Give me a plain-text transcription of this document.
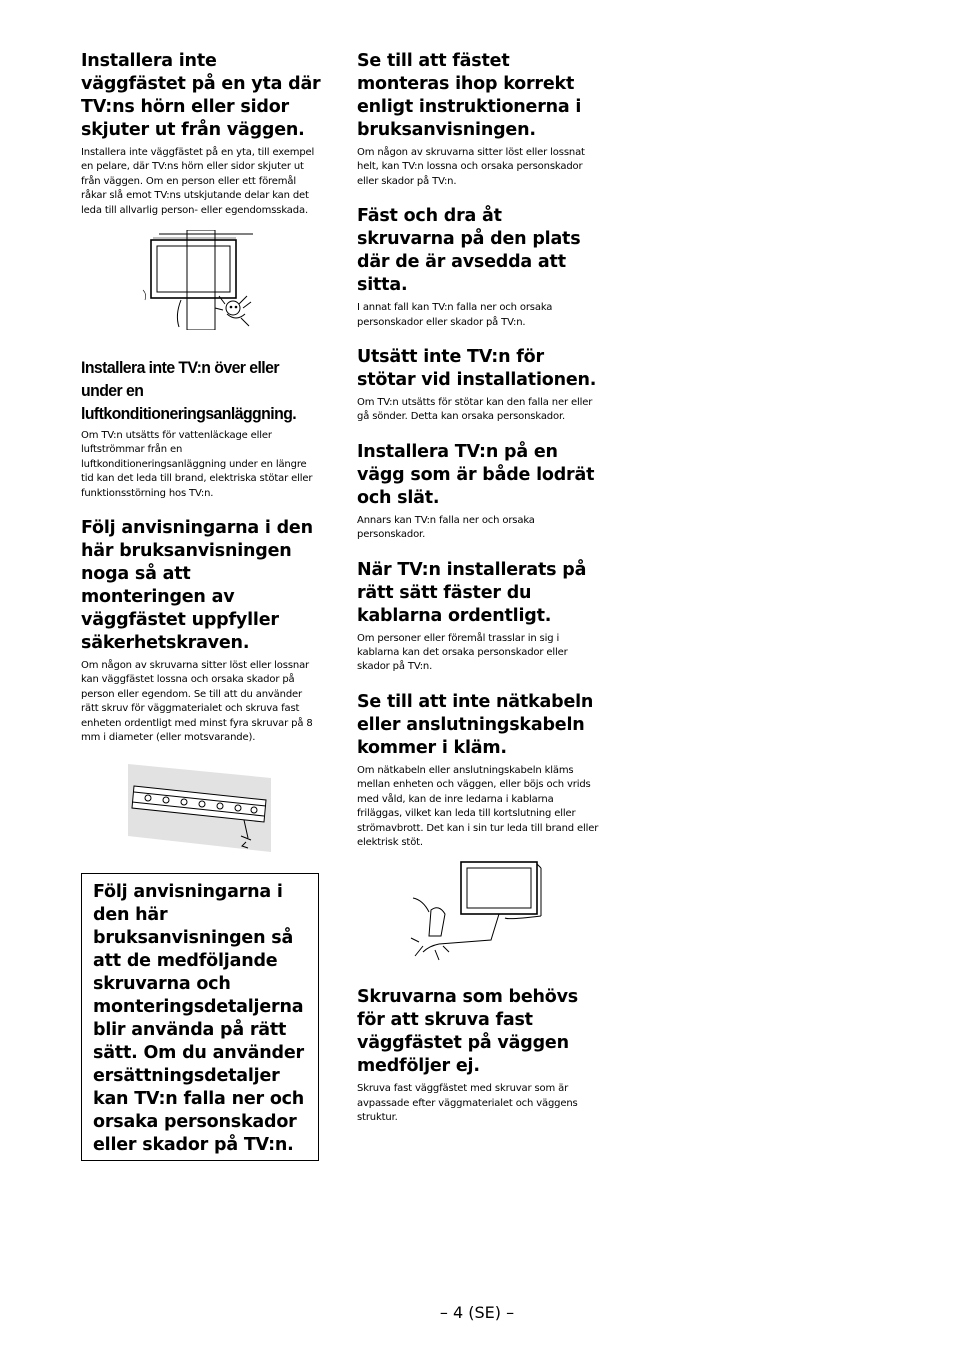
Installera inte väggfästet på en yta där TV:ns hörn eller sidor skjuter ut från väggen.

Installera inte väggfästet på en yta, till exempel en pelare, där TV:ns hörn eller sidor skjuter ut från väggen. Om en person eller ett föremål råkar slå emot TV:ns utskjutande delar kan det leda till allvarlig person- eller egendomsskada.

Installera inte TV:n över eller under en luftkonditioneringsanläggning.

Om TV:n utsätts för vattenläckage eller luftströmmar från en luftkonditioneringsanläggning under en längre tid kan det leda till brand, elektriska stötar eller funktionsstörning hos TV:n.

Följ anvisningarna i den här bruksanvisningen noga så att monteringen av väggfästet uppfyller säkerhetskraven.

Om någon av skruvarna sitter löst eller lossnar kan väggfästet lossna och orsaka skador på person eller egendom. Se till att du använder rätt skruv för väggmaterialet och skruva fast enheten ordentligt med minst fyra skruvar på 8 mm i diameter (eller motsvarande).

Följ anvisningarna i den här bruksanvisningen så att de medföljande skruvarna och monteringsdetaljerna blir använda på rätt sätt. Om du använder ersättningsdetaljer kan TV:n falla ner och orsaka personskador eller skador på TV:n.

Se till att fästet monteras ihop korrekt enligt instruktionerna i bruksanvisningen.

Om någon av skruvarna sitter löst eller lossnat helt, kan TV:n lossna och orsaka personskador eller skador på TV:n.

Fäst och dra åt skruvarna på den plats där de är avsedda att sitta.

I annat fall kan TV:n falla ner och orsaka personskador eller skador på TV:n.

Utsätt inte TV:n för stötar vid installationen.

Om TV:n utsätts för stötar kan den falla ner eller gå sönder. Detta kan orsaka personskador.

Installera TV:n på en vägg som är både lodrät och slät.

Annars kan TV:n falla ner och orsaka personskador.

När TV:n installerats på rätt sätt fäster du kablarna ordentligt.

Om personer eller föremål trasslar in sig i kablarna kan det orsaka personskador eller skador på TV:n.

Se till att inte nätkabeln eller anslutningskabeln kommer i kläm.

Om nätkabeln eller anslutningskabeln kläms mellan enheten och väggen, eller böjs och vrids med våld, kan de inre ledarna i kablarna friläggas, vilket kan leda till kortslutning eller strömavbrott. Det kan i sin tur leda till brand eller elektrisk stöt.

Skruvarna som behövs för att skruva fast väggfästet på väggen medföljer ej.

Skruva fast väggfästet med skruvar som är avpassade efter väggmaterialet och väggens struktur.

– 4 (SE) –
